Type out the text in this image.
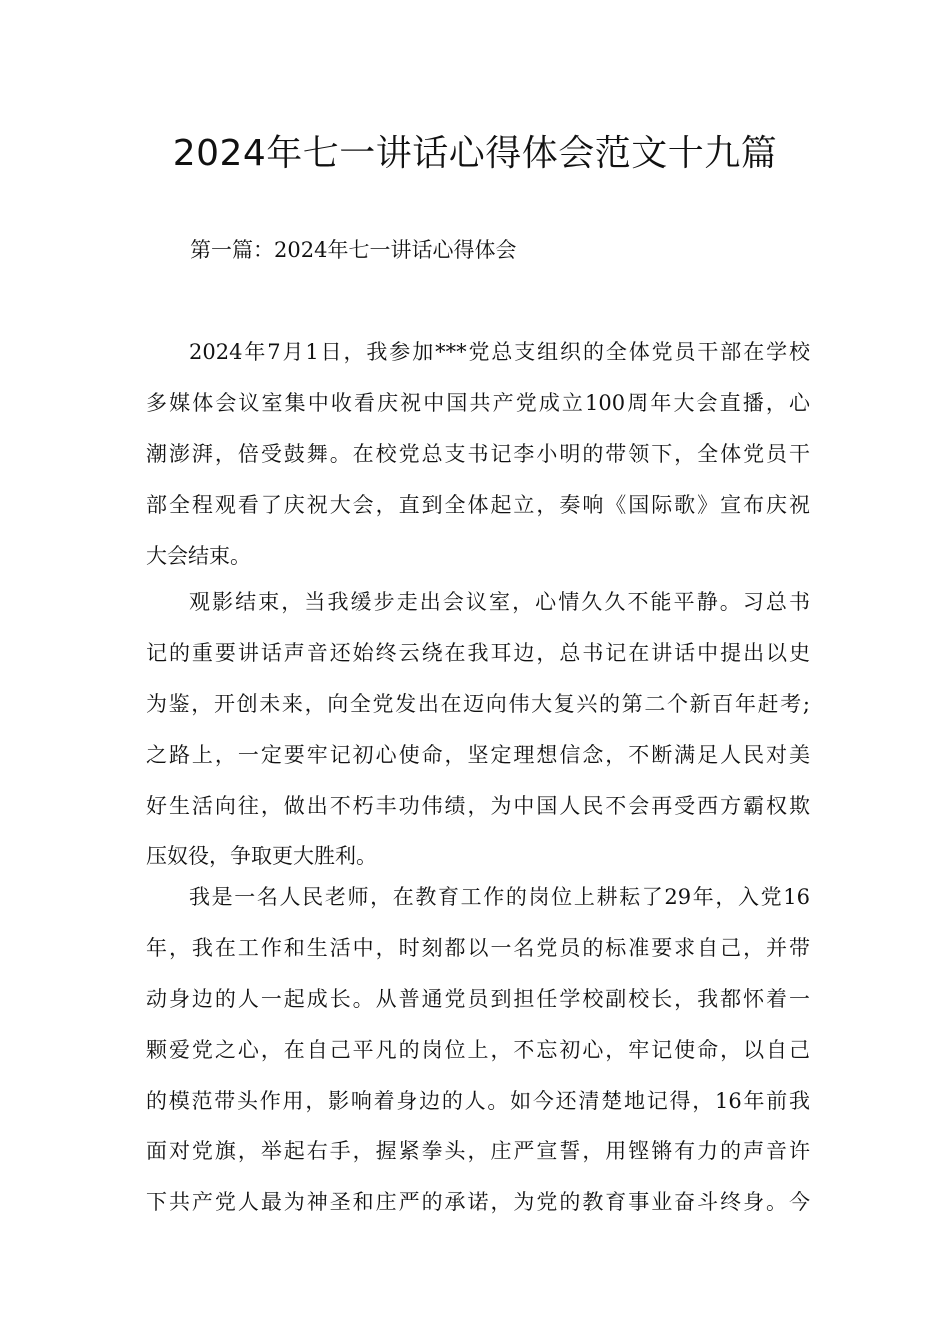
2024年七一讲话心得体会范文十九篇
第一篇：2024年七一讲话心得体会
2024年7月1日，我参加***党总支组织的全体党员干部在学校
多媒体会议室集中收看庆祝中国共产党成立100周年大会直播，心
潮澎湃，倍受鼓舞。在校党总支书记李小明的带领下，全体党员干
部全程观看了庆祝大会，直到全体起立，奏响《国际歌》宣布庆祝
大会结束。
观影结束，当我缓步走出会议室，心情久久不能平静。习总书
记的重要讲话声音还始终云绕在我耳边，总书记在讲话中提出以史
为鉴，开创未来，向全党发出在迈向伟大复兴的第二个新百年赶考;
之路上，一定要牢记初心使命，坚定理想信念，不断满足人民对美
好生活向往，做出不朽丰功伟绩，为中国人民不会再受西方霸权欺
压奴役，争取更大胜利。
我是一名人民老师，在教育工作的岗位上耕耘了29年，入党16
年，我在工作和生活中，时刻都以一名党员的标准要求自己，并带
动身边的人一起成长。从普通党员到担任学校副校长，我都怀着一
颗爱党之心，在自己平凡的岗位上，不忘初心，牢记使命，以自己
的模范带头作用，影响着身边的人。如今还清楚地记得，16年前我
面对党旗，举起右手，握紧拳头，庄严宣誓，用铿锵有力的声音许
下共产党人最为神圣和庄严的承诺，为党的教育事业奋斗终身。今
